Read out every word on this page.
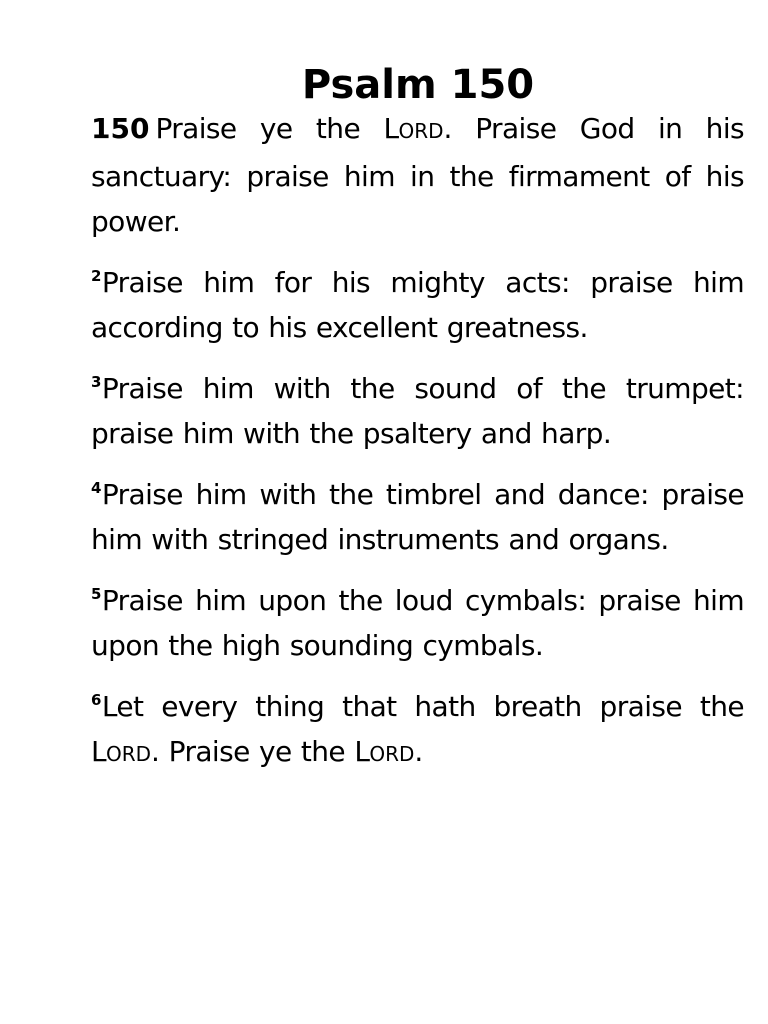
Psalm 150

150 Praise ye the LORD. Praise God in his sanctuary: praise him in the firmament of his power.

$^2$Praise him for his mighty acts: praise him according to his excellent greatness.

$^3$Praise him with the sound of the trumpet: praise him with the psaltery and harp.

$^4$Praise him with the timbrel and dance: praise him with stringed instruments and organs.

$^5$Praise him upon the loud cymbals: praise him upon the high sounding cymbals.

$^6$Let every thing that hath breath praise the LORD. Praise ye the LORD.
